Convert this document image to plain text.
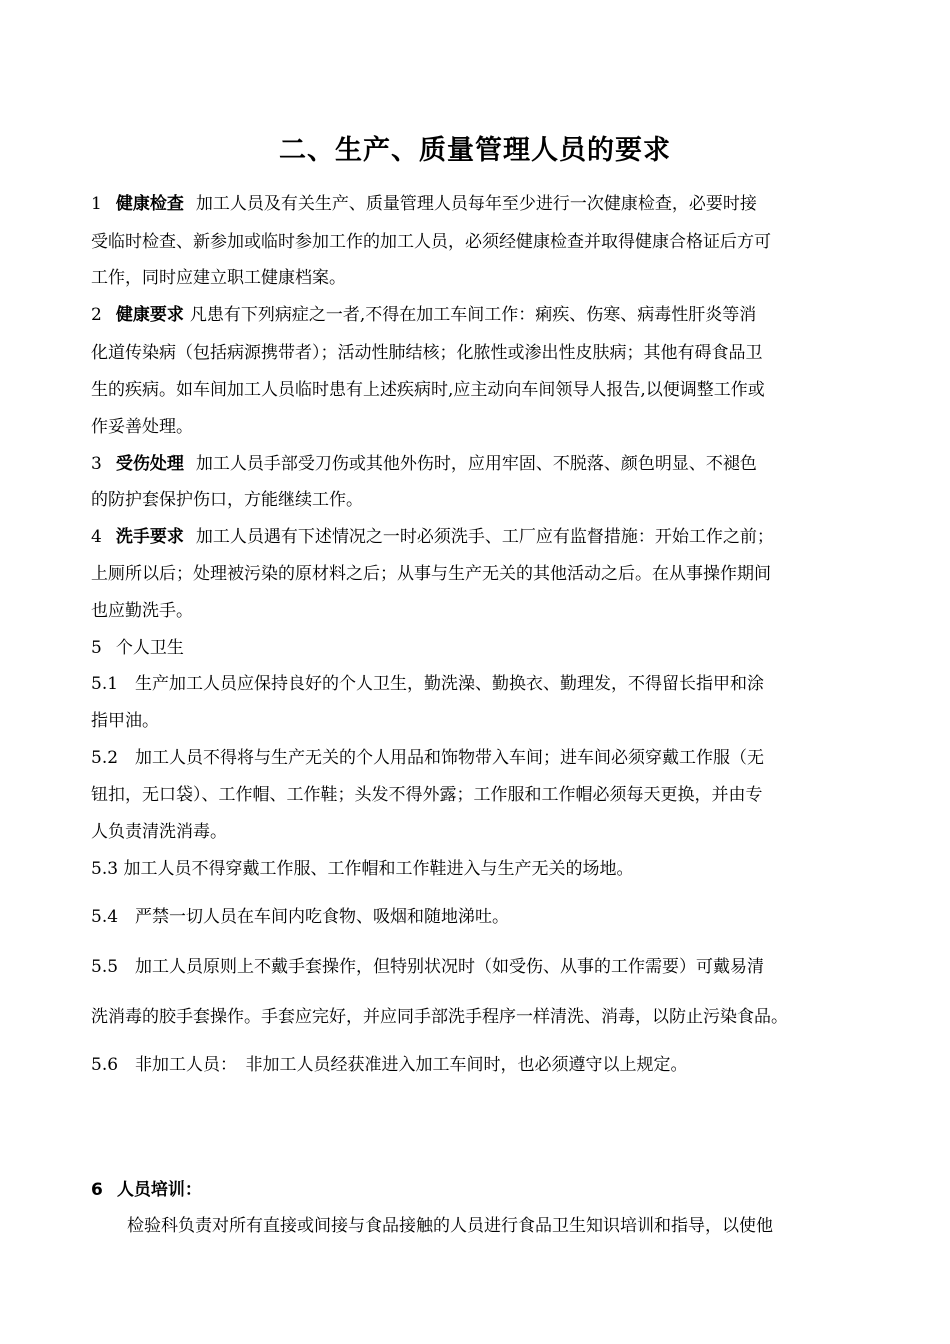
二、生产、质量管理人员的要求
1 健康检查 加工人员及有关生产、质量管理人员每年至少进行一次健康检查，必要时接
受临时检查、新参加或临时参加工作的加工人员，必须经健康检查并取得健康合格证后方可
工作，同时应建立职工健康档案。
2 健康要求 凡患有下列病症之一者,不得在加工车间工作：痢疾、伤寒、病毒性肝炎等消
化道传染病（包括病源携带者）；活动性肺结核；化脓性或渗出性皮肤病；其他有碍食品卫
生的疾病。如车间加工人员临时患有上述疾病时,应主动向车间领导人报告,以便调整工作或
作妥善处理。
3 受伤处理 加工人员手部受刀伤或其他外伤时，应用牢固、不脱落、颜色明显、不褪色
的防护套保护伤口，方能继续工作。
4 洗手要求 加工人员遇有下述情况之一时必须洗手、工厂应有监督措施：开始工作之前；
上厕所以后；处理被污染的原材料之后；从事与生产无关的其他活动之后。在从事操作期间
也应勤洗手。
5 个人卫生
5.1　生产加工人员应保持良好的个人卫生，勤洗澡、勤换衣、勤理发，不得留长指甲和涂
指甲油。
5.2　加工人员不得将与生产无关的个人用品和饰物带入车间；进车间必须穿戴工作服（无
钮扣，无口袋）、工作帽、工作鞋；头发不得外露；工作服和工作帽必须每天更换，并由专
人负责清洗消毒。
5.3 加工人员不得穿戴工作服、工作帽和工作鞋进入与生产无关的场地。
5.4　严禁一切人员在车间内吃食物、吸烟和随地涕吐。
5.5　加工人员原则上不戴手套操作，但特别状况时（如受伤、从事的工作需要）可戴易清
洗消毒的胶手套操作。手套应完好，并应同手部洗手程序一样清洗、消毒，以防止污染食品。
5.6　非加工人员：　非加工人员经获准进入加工车间时，也必须遵守以上规定。
6 人员培训：
检验科负责对所有直接或间接与食品接触的人员进行食品卫生知识培训和指导，以使他
